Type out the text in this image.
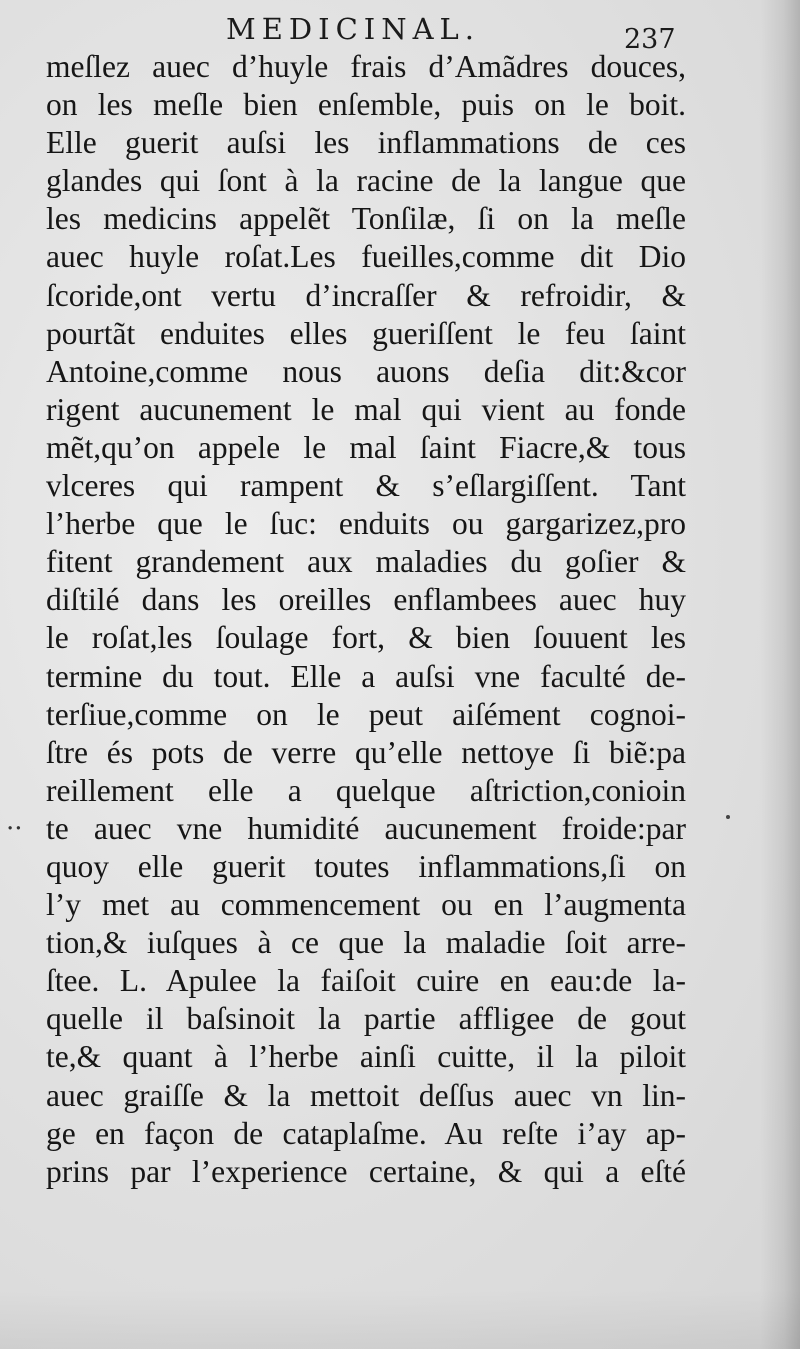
MEDICINAL.	237
..
meſlez auec d’huyle frais d’Amãdres douces,
on les meſle bien enſemble, puis on le boit.
Elle guerit auſsi les inflammations de ces
glandes qui ſont à la racine de la langue que
les medicins appelẽt Tonſilæ, ſi on la meſle
auec huyle roſat.Les fueilles,comme dit Dio
ſcoride,ont vertu d’incraſſer & refroidir, &
pourtãt enduites elles gueriſſent le feu ſaint
Antoine,comme nous auons deſia dit:&cor
rigent aucunement le mal qui vient au fonde
mẽt,qu’on appele le mal ſaint Fiacre,& tous
vlceres qui rampent & s’eſlargiſſent. Tant
l’herbe que le ſuc: enduits ou gargarizez,pro
fitent grandement aux maladies du goſier &
diſtilé dans les oreilles enflambees auec huy
le roſat,les ſoulage fort, & bien ſouuent les
termine du tout. Elle a auſsi vne faculté de-
terſiue,comme on le peut aiſément cognoi-
ſtre és pots de verre qu’elle nettoye ſi biẽ:pa
reillement elle a quelque aſtriction,conioin
te auec vne humidité aucunement froide:par
quoy elle guerit toutes inflammations,ſi on
l’y met au commencement ou en l’augmenta
tion,& iuſques à ce que la maladie ſoit arre-
ſtee. L. Apulee la faiſoit cuire en eau:de la-
quelle il baſsinoit la partie affligee de gout
te,& quant à l’herbe ainſi cuitte, il la piloit
auec graiſſe & la mettoit deſſus auec vn lin-
ge en façon de cataplaſme. Au reſte i’ay ap-
prins par l’experience certaine, & qui a eſté
